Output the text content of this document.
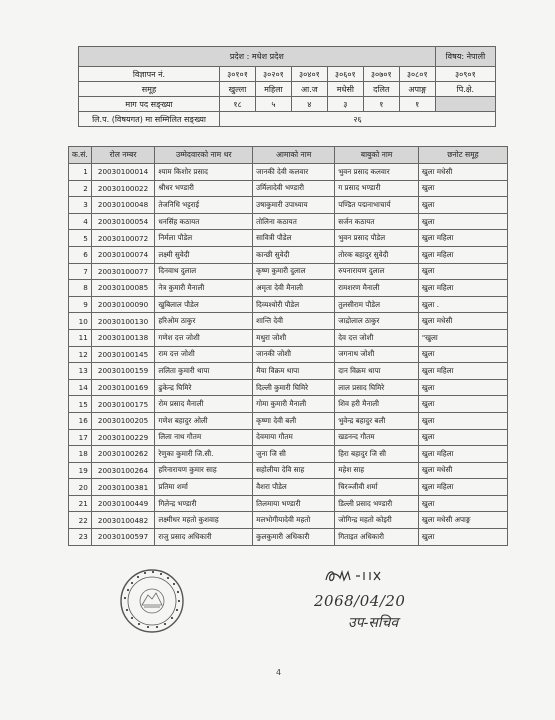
प्रदेश : मधेश प्रदेश							विषय: नेपाली
विज्ञापन नं.	३०१०१	३०२०१	३०४०१	३०६०१	३०७०१	३०८०१	३०९०१
समूह	खुल्ला	महिला	आ.ज	मधेसी	दलित	अपाङ्ग	पि.क्षे.
माग पद सङ्ख्या	१८	५	४	३	१	१	
लि.प. (विषयगत) मा सम्मिलित सङ्ख्या	२६						
क.सं.	रोल नम्बर	उम्मेदवारको नाम थर	आमाको नाम	बाबुको नाम	छनोट समूह
1	20030100014	श्याम किशोर प्रसाद	जानकी देवी कलवार	भुवन प्रसाद कलवार	खुला मधेसी
2	20030100022	श्रीधर भण्डारी	उर्मिलादेवी भण्डारी	ग प्रसाद भण्डारी	खुला
3	20030100048	तेजनिधि भट्टराई	उषाकुमारी उपाध्याय	पण्डित पद्मनाभाचार्य	खुला
4	20030100054	धनसिंह कठायत	तोलिना कठायत	सर्जन कठायत	खुला
5	20030100072	निर्मला पौडेल	सावित्री पौडेल	भुवन प्रसाद पौडेल	खुला महिला
6	20030100074	लक्ष्मी सुवेदी	कान्छी सुवेदी	तोरक बहादुर सुवेदी	खुला महिला
7	20030100077	दिनवाथ दुलाल	कृष्ण कुमारी दुलाल	रुपनारायण दुलाल	खुला
8	20030100085	नेत्र कुमारी मैनाली	अमृता देवी मैनाली	रामशरण मैनाली	खुला महिला
9	20030100090	खुबिलाल पौडेल	दिव्यश्वोरी पौडेल	तुलसीराम पौडेल	खुला .
10	20030100130	हरिओम ठाकुर	शान्ति देवी	जाद्रोलाल ठाकुर	खुला मधेसी
11	20030100138	गणेश दत्त जोशी	मथुरा जोशी	देव दत्त जोशी	"खुला
12	20030100145	राम दत्त जोशी	जानकी जोशी	जगनाथ जोशी	खुला
13	20030100159	ललिता कुमारी थापा	मैया विक्रम थापा	दान विक्रम थापा	खुला महिला
14	20030100169	ढुकेन्द्र घिमिरे	दिल्ली कुमारी घिमिरे	लाल प्रसाद घिमिरे	खुला
15	20030100175	रोम प्रसाद मैनाली	गोमा कुमारी मैनाली	शिव हरी मैनाली	खुला
16	20030100205	गणेश बहादुर ओली	कृष्णा देवी बली	भुवेन्द्र बहादुर बली	खुला
17	20030100229	लिला नाथ गौतम	देवमाया गौतम	खडनन्द गौतम	खुला
18	20030100262	रेणुका कुमारी जि.सी.	जुना जि सी	हिरा बहादुर जि सी	खुला महिला
19	20030100264	हरिनारायण कुमार साह	सहोलीया देवि साह	महेश साह	खुला मधेसी
20	20030100381	प्रतिमा शर्मा	वैशरा पौडेल	चिरञ्जीवी शर्मा	खुला महिला
21	20030100449	गिलेन्द्र भण्डारी	तिलमाया भण्डारी	डिल्ली प्रसाद भण्डारी	खुला
22	20030100482	लक्ष्मीधर महतो कुशवाह	मलभोगीयादेवी महतो	जोगिन्द्र महतो कोइरी	खुला मधेसी अपाङ्ग
23	20030100597	राजु प्रसाद अधिकारी	कुलकुमारी अधिकारी	गिताइत अधिकारी	खुला
2068/04/20
उप-सचिव
4
